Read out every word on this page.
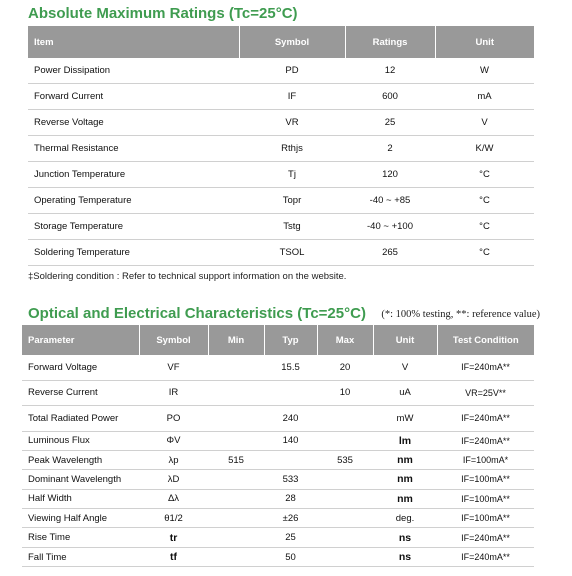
Absolute Maximum Ratings (Tc=25°C)
Item	Symbol	Ratings	Unit
Power Dissipation	PD	12	W
Forward Current	IF	600	mA
Reverse Voltage	VR	25	V
Thermal Resistance	Rthjs	2	K/W
Junction Temperature	Tj	120	°C
Operating Temperature	Topr	-40 ~ +85	°C
Storage Temperature	Tstg	-40 ~ +100	°C
Soldering Temperature	TSOL	265	°C
‡Soldering condition : Refer to technical support information on the website.
Optical and Electrical Characteristics (Tc=25°C) (*: 100% testing, **: reference value)
Parameter	Symbol	Min	Typ	Max	Unit	Test Condition
Forward Voltage	VF		15.5	20	V	IF=240mA**
Reverse Current	IR			10	uA	VR=25V**
Total Radiated Power	PO		240		mW	IF=240mA**
Luminous Flux	ΦV		140		lm	IF=240mA**
Peak Wavelength	λp	515		535	nm	IF=100mA*
Dominant Wavelength	λD		533		nm	IF=100mA**
Half Width	Δλ		28		nm	IF=100mA**
Viewing Half Angle	θ1/2		±26		deg.	IF=100mA**
Rise Time	tr		25		ns	IF=240mA**
Fall Time	tf		50		ns	IF=240mA**
